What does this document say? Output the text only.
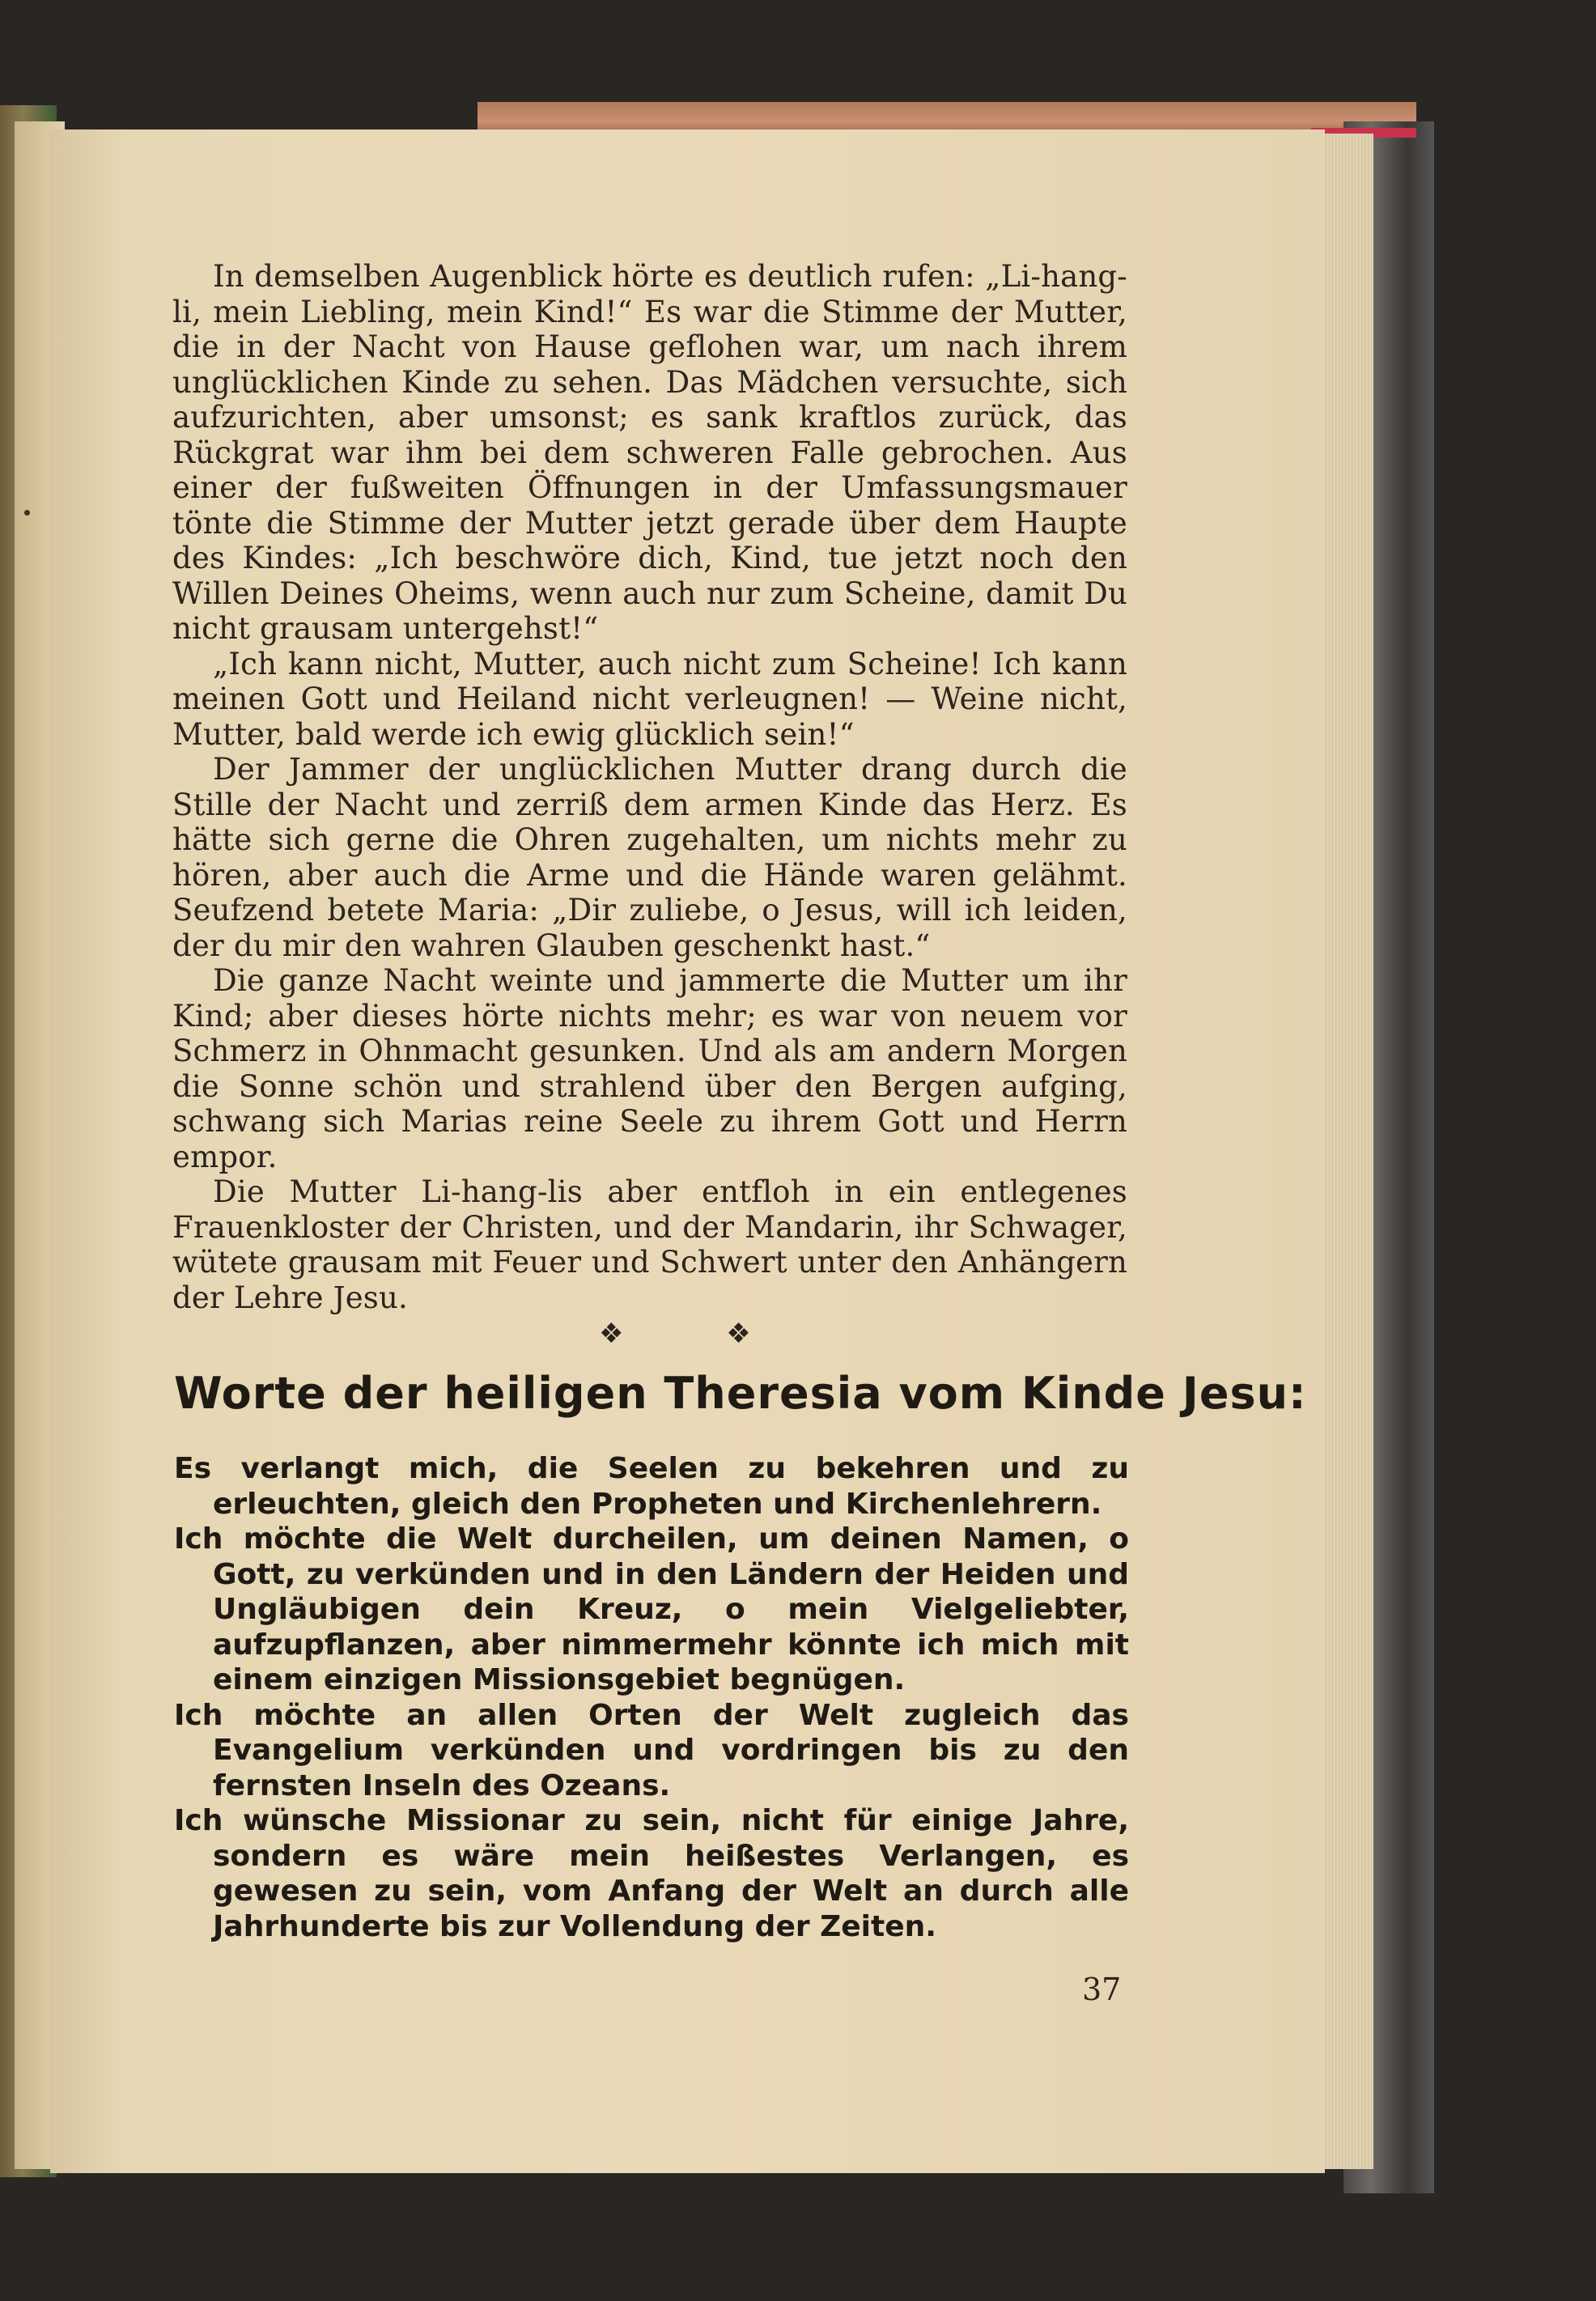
In demselben Augenblick hörte es deutlich rufen: „Li-hang-li, mein Liebling, mein Kind!“ Es war die Stimme der Mutter, die in der Nacht von Hause geflohen war, um nach ihrem unglücklichen Kinde zu sehen. Das Mädchen versuchte, sich aufzurichten, aber umsonst; es sank kraftlos zurück, das Rückgrat war ihm bei dem schweren Falle gebrochen. Aus einer der fußweiten Öffnungen in der Umfassungsmauer tönte die Stimme der Mutter jetzt gerade über dem Haupte des Kindes: „Ich beschwöre dich, Kind, tue jetzt noch den Willen Deines Oheims, wenn auch nur zum Scheine, damit Du nicht grausam untergehst!“

„Ich kann nicht, Mutter, auch nicht zum Scheine! Ich kann meinen Gott und Heiland nicht verleugnen! — Weine nicht, Mutter, bald werde ich ewig glücklich sein!“

Der Jammer der unglücklichen Mutter drang durch die Stille der Nacht und zerriß dem armen Kinde das Herz. Es hätte sich gerne die Ohren zugehalten, um nichts mehr zu hören, aber auch die Arme und die Hände waren gelähmt. Seufzend betete Maria: „Dir zuliebe, o Jesus, will ich leiden, der du mir den wahren Glauben geschenkt hast.“

Die ganze Nacht weinte und jammerte die Mutter um ihr Kind; aber dieses hörte nichts mehr; es war von neuem vor Schmerz in Ohnmacht gesunken. Und als am andern Morgen die Sonne schön und strahlend über den Bergen aufging, schwang sich Marias reine Seele zu ihrem Gott und Herrn empor.

Die Mutter Li-hang-lis aber entfloh in ein entlegenes Frauenkloster der Christen, und der Mandarin, ihr Schwager, wütete grausam mit Feuer und Schwert unter den Anhängern der Lehre Jesu.

❖ ❖
Worte der heiligen Theresia vom Kinde Jesu:

Es verlangt mich, die Seelen zu bekehren und zu erleuchten, gleich den Propheten und Kirchenlehrern.

Ich möchte die Welt durcheilen, um deinen Namen, o Gott, zu verkünden und in den Ländern der Heiden und Ungläubigen dein Kreuz, o mein Vielgeliebter, aufzupflanzen, aber nimmermehr könnte ich mich mit einem einzigen Missionsgebiet begnügen.

Ich möchte an allen Orten der Welt zugleich das Evangelium verkünden und vordringen bis zu den fernsten Inseln des Ozeans.

Ich wünsche Missionar zu sein, nicht für einige Jahre, sondern es wäre mein heißestes Verlangen, es gewesen zu sein, vom Anfang der Welt an durch alle Jahrhunderte bis zur Vollendung der Zeiten.

37
